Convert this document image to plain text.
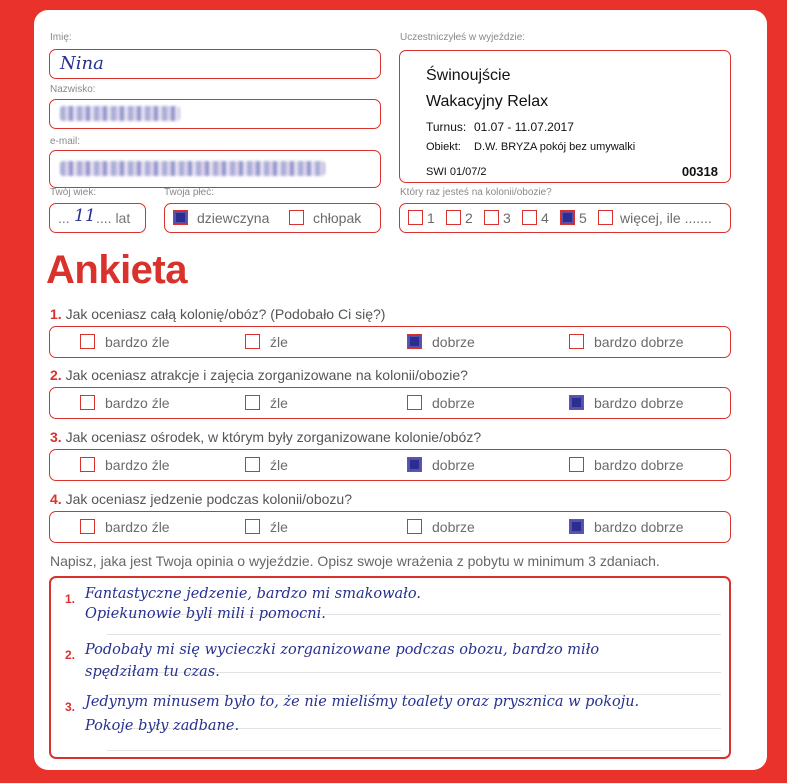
Imię:
Nina
Nazwisko:
e-mail:
Twój wiek:
... 11 .... lat
Twoja płeć:
dziewczyna	chłopak
Uczestniczyłeś w wyjeździe:
Świnoujście
Wakacyjny Relax
Turnus: 01.07 - 11.07.2017
Obiekt: D.W. BRYZA pokój bez umywalki
SWI 01/07/2	00318
Który raz jesteś na kolonii/obozie?
1 2 3 4 5 więcej, ile .......
Ankieta
1. Jak oceniasz całą kolonię/obóz? (Podobało Ci się?)
bardzo źle	źle	dobrze	bardzo dobrze
2. Jak oceniasz atrakcje i zajęcia zorganizowane na kolonii/obozie?
bardzo źle	źle	dobrze	bardzo dobrze
3. Jak oceniasz ośrodek, w którym były zorganizowane kolonie/obóz?
bardzo źle	źle	dobrze	bardzo dobrze
4. Jak oceniasz jedzenie podczas kolonii/obozu?
bardzo źle	źle	dobrze	bardzo dobrze
Napisz, jaka jest Twoja opinia o wyjeździe. Opisz swoje wrażenia z pobytu w minimum 3 zdaniach.
1. Fantastyczne jedzenie, bardzo mi smakowało.
Opiekunowie byli mili i pomocni.
2. Podobały mi się wycieczki zorganizowane podczas obozu, bardzo miło
spędziłam tu czas.
3. Jedynym minusem było to, że nie mieliśmy toalety oraz prysznica w pokoju.
Pokoje były zadbane.
